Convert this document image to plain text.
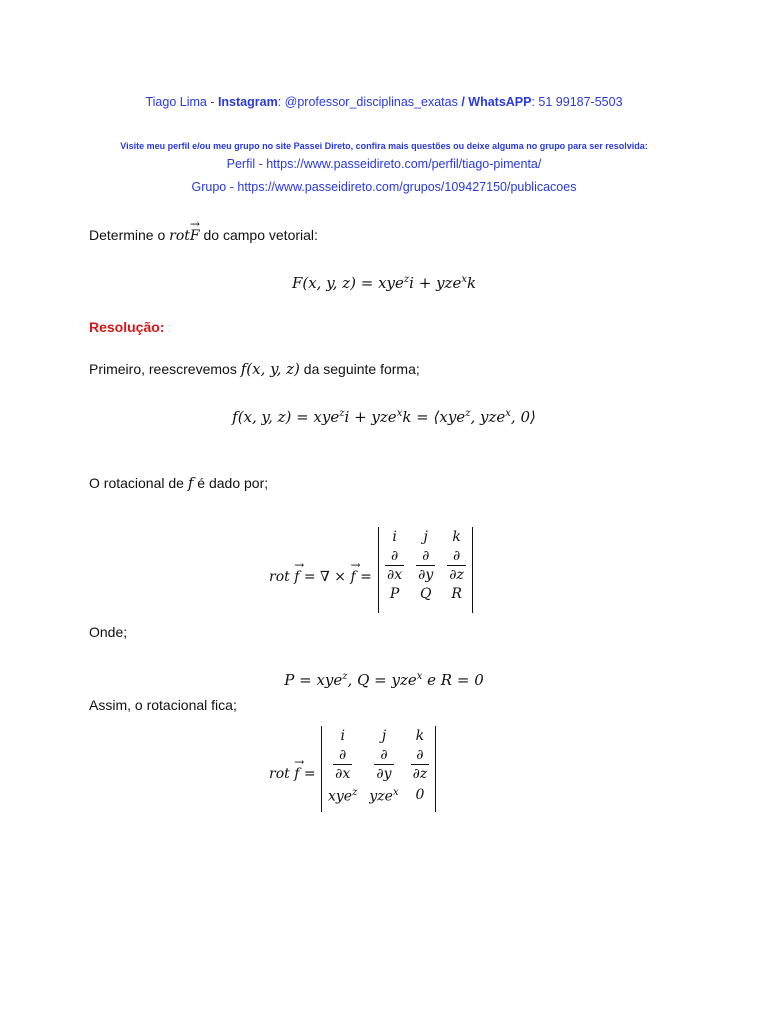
Tiago Lima - Instagram: @professor_disciplinas_exatas / WhatsAPP: 51 99187-5503
Visite meu perfil e/ou meu grupo no site Passei Direto, confira mais questões ou deixe alguma no grupo para ser resolvida:
Perfil - https://www.passeidireto.com/perfil/tiago-pimenta/
Grupo - https://www.passeidireto.com/grupos/109427150/publicacoes
Determine o rot→ F do campo vetorial:
F(x, y, z) = xye$^z$i + yze$^x$k
Resolução:
Primeiro, reescrevemos f(x, y, z) da seguinte forma;
f(x, y, z) = xye$^z$i + yze$^x$k = ⟨xye$^z$, yze$^x$, 0⟩
O rotacional de f é dado por;
rot → f = ∇ × → f =
i	j	k

$\frac{\partial}{\partial x}$	$\frac{\partial}{\partial y}$	$\frac{\partial}{\partial z}$

P	Q	R
Onde;
P = xye$^z$, Q = yze$^x$ e R = 0
Assim, o rotacional fica;
rot → f =
i	j	k

$\frac{\partial}{\partial x}$	$\frac{\partial}{\partial y}$	$\frac{\partial}{\partial z}$

xye$^z$	yze$^x$	0
